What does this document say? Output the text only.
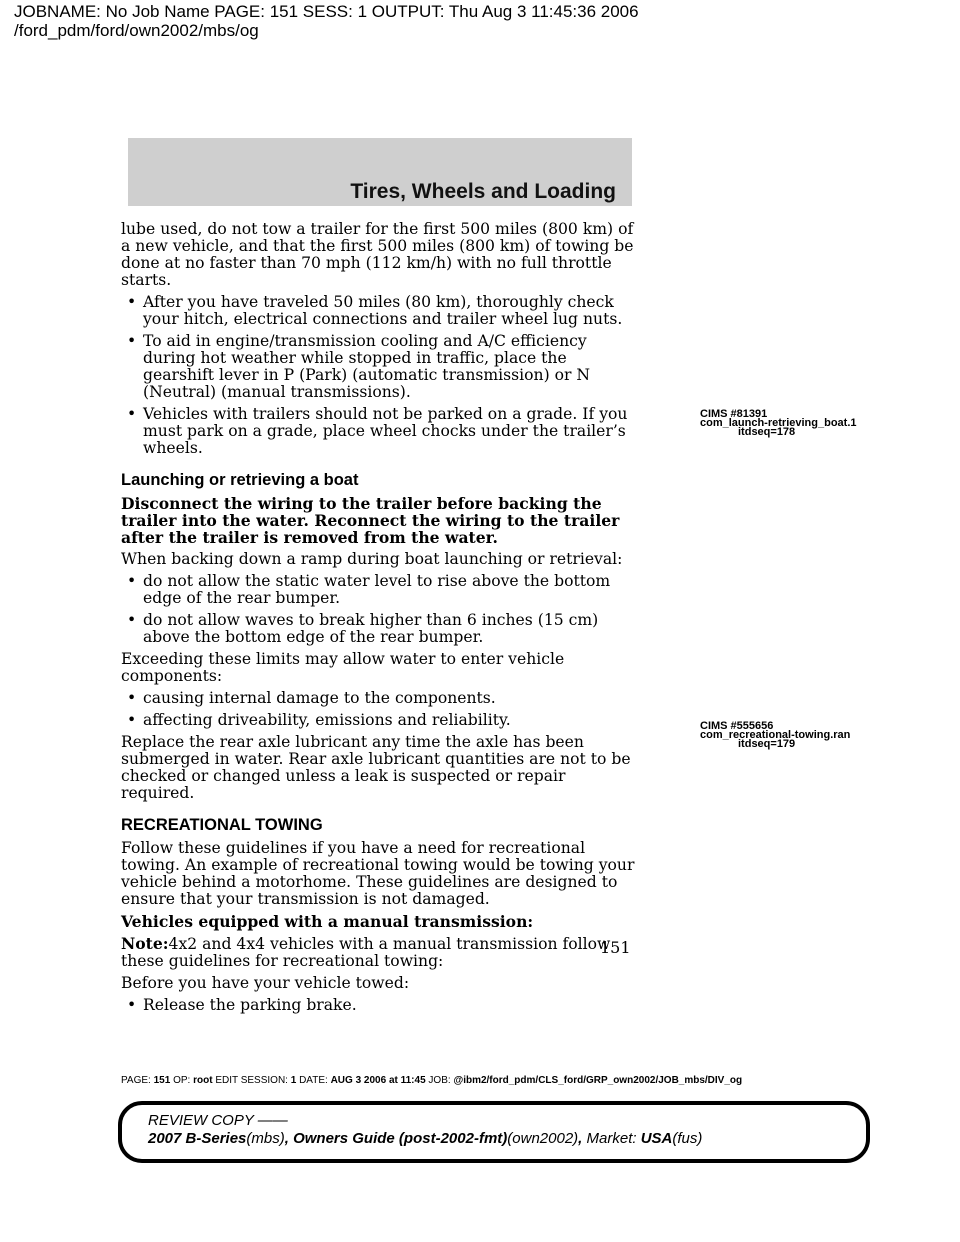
JOBNAME: No Job Name PAGE: 151 SESS: 1 OUTPUT: Thu Aug 3 11:45:36 2006
/ford_pdm/ford/own2002/mbs/og
Tires, Wheels and Loading

lube used, do not tow a trailer for the first 500 miles (800 km) of a new vehicle, and that the first 500 miles (800 km) of towing be done at no faster than 70 mph (112 km/h) with no full throttle starts.

• After you have traveled 50 miles (80 km), thoroughly check your hitch, electrical connections and trailer wheel lug nuts.
• To aid in engine/transmission cooling and A/C efficiency during hot weather while stopped in traffic, place the gearshift lever in P (Park) (automatic transmission) or N (Neutral) (manual transmissions).
• Vehicles with trailers should not be parked on a grade. If you must park on a grade, place wheel chocks under the trailer’s wheels.
Launching or retrieving a boat

Disconnect the wiring to the trailer before backing the trailer into the water. Reconnect the wiring to the trailer after the trailer is removed from the water.

When backing down a ramp during boat launching or retrieval:

• do not allow the static water level to rise above the bottom edge of the rear bumper.
• do not allow waves to break higher than 6 inches (15 cm) above the bottom edge of the rear bumper.

Exceeding these limits may allow water to enter vehicle components:

• causing internal damage to the components.
• affecting driveability, emissions and reliability.

Replace the rear axle lubricant any time the axle has been submerged in water. Rear axle lubricant quantities are not to be checked or changed unless a leak is suspected or repair required.

RECREATIONAL TOWING

Follow these guidelines if you have a need for recreational towing. An example of recreational towing would be towing your vehicle behind a motorhome. These guidelines are designed to ensure that your transmission is not damaged.

Vehicles equipped with a manual transmission:

Note:4x2 and 4x4 vehicles with a manual transmission follow these guidelines for recreational towing:

Before you have your vehicle towed:

• Release the parking brake.
CIMS #81391
com_launch-retrieving_boat.1
itdseq=178
CIMS #555656
com_recreational-towing.ran
itdseq=179
151
PAGE: 151 OP: root EDIT SESSION: 1 DATE: AUG 3 2006 at 11:45 JOB: @ibm2/ford_pdm/CLS_ford/GRP_own2002/JOB_mbs/DIV_og
REVIEW COPY ——
2007 B-Series(mbs), Owners Guide (post-2002-fmt)(own2002), Market: USA(fus)
